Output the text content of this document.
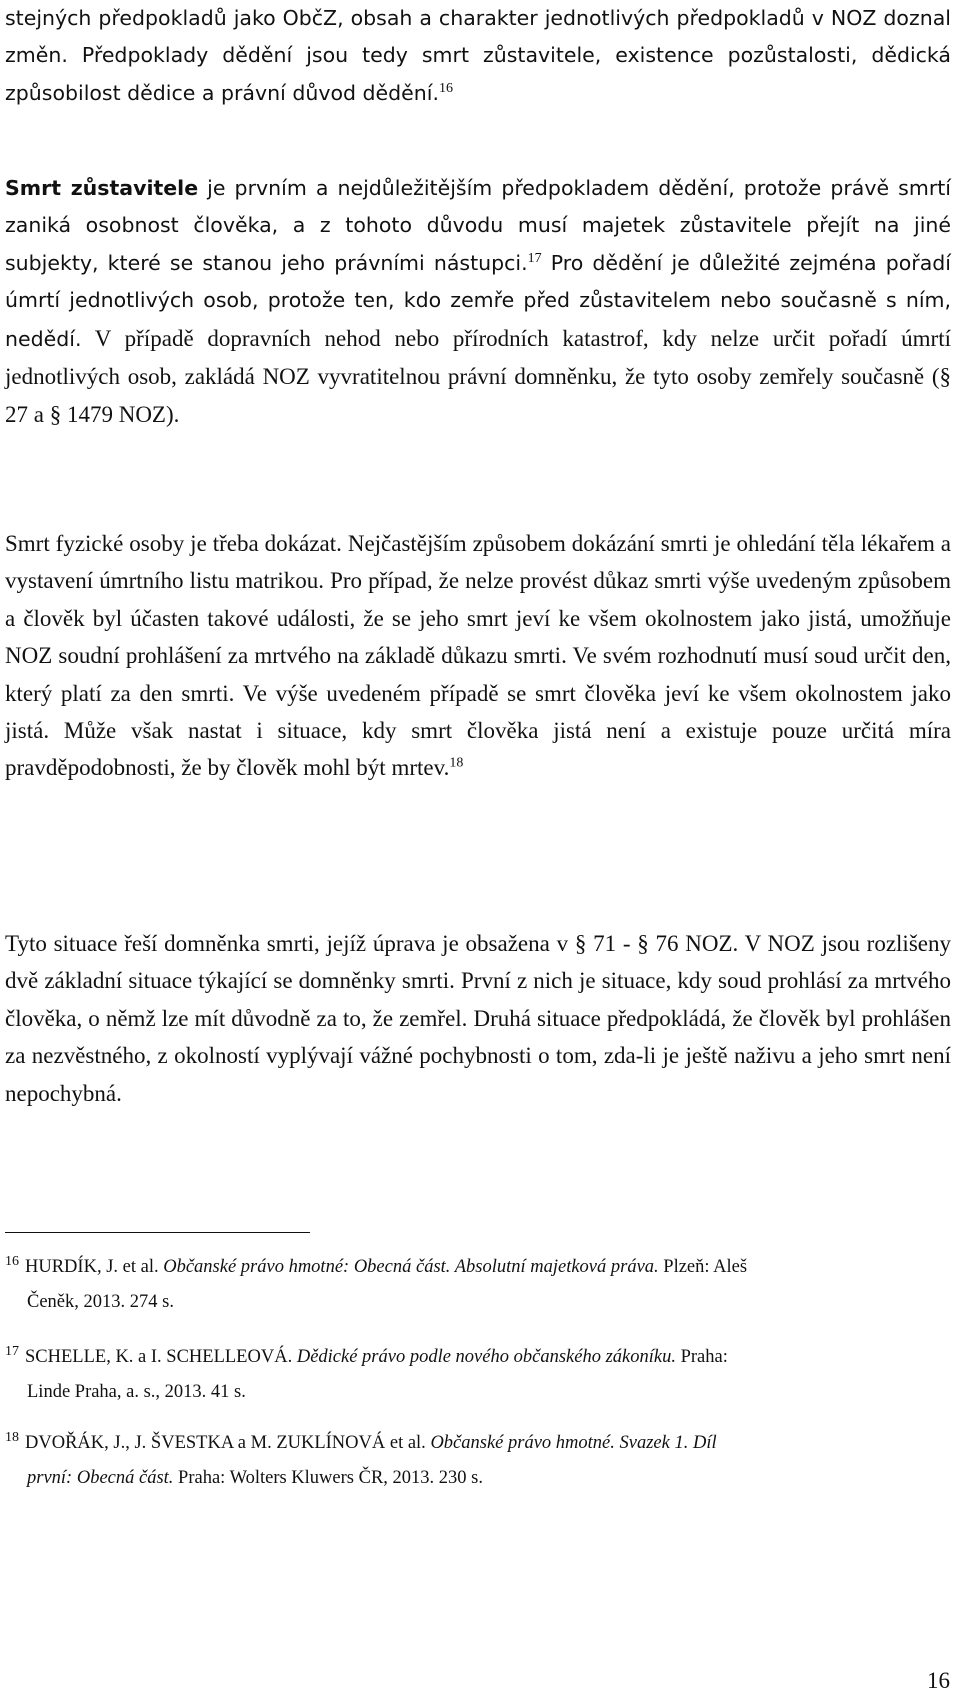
stejných předpokladů jako ObčZ, obsah a charakter jednotlivých předpokladů v NOZ doznal změn. Předpoklady dědění jsou tedy smrt zůstavitele, existence pozůstalosti, dědická způsobilost dědice a právní důvod dědění.$^{16}$

Smrt zůstavitele je prvním a nejdůležitějším předpokladem dědění, protože právě smrtí zaniká osobnost člověka, a z tohoto důvodu musí majetek zůstavitele přejít na jiné subjekty, které se stanou jeho právními nástupci.$^{17}$ Pro dědění je důležité zejména pořadí úmrtí jednotlivých osob, protože ten, kdo zemře před zůstavitelem nebo současně s ním, nedědí. V případě dopravních nehod nebo přírodních katastrof, kdy nelze určit pořadí úmrtí jednotlivých osob, zakládá NOZ vyvratitelnou právní domněnku, že tyto osoby zemřely současně (§ 27 a § 1479 NOZ).

Smrt fyzické osoby je třeba dokázat. Nejčastějším způsobem dokázání smrti je ohledání těla lékařem a vystavení úmrtního listu matrikou. Pro případ, že nelze provést důkaz smrti výše uvedeným způsobem a člověk byl účasten takové události, že se jeho smrt jeví ke všem okolnostem jako jistá, umožňuje NOZ soudní prohlášení za mrtvého na základě důkazu smrti. Ve svém rozhodnutí musí soud určit den, který platí za den smrti. Ve výše uvedeném případě se smrt člověka jeví ke všem okolnostem jako jistá. Může však nastat i situace, kdy smrt člověka jistá není a existuje pouze určitá míra pravděpodobnosti, že by člověk mohl být mrtev.$^{18}$

Tyto situace řeší domněnka smrti, jejíž úprava je obsažena v § 71 - § 76 NOZ. V NOZ jsou rozlišeny dvě základní situace týkající se domněnky smrti. První z nich je situace, kdy soud prohlásí za mrtvého člověka, o němž lze mít důvodně za to, že zemřel. Druhá situace předpokládá, že člověk byl prohlášen za nezvěstného, z okolností vyplývají vážné pochybnosti o tom, zda-li je ještě naživu a jeho smrt není nepochybná.

$^{16}$ HURDÍK, J. et al. Občanské právo hmotné: Obecná část. Absolutní majetková práva. Plzeň: Aleš
Čeněk, 2013. 274 s.

$^{17}$ SCHELLE, K. a I. SCHELLEOVÁ. Dědické právo podle nového občanského zákoníku. Praha:
Linde Praha, a. s., 2013. 41 s.

$^{18}$ DVOŘÁK, J., J. ŠVESTKA a M. ZUKLÍNOVÁ et al. Občanské právo hmotné. Svazek 1. Díl
první: Obecná část. Praha: Wolters Kluwers ČR, 2013. 230 s.

16
